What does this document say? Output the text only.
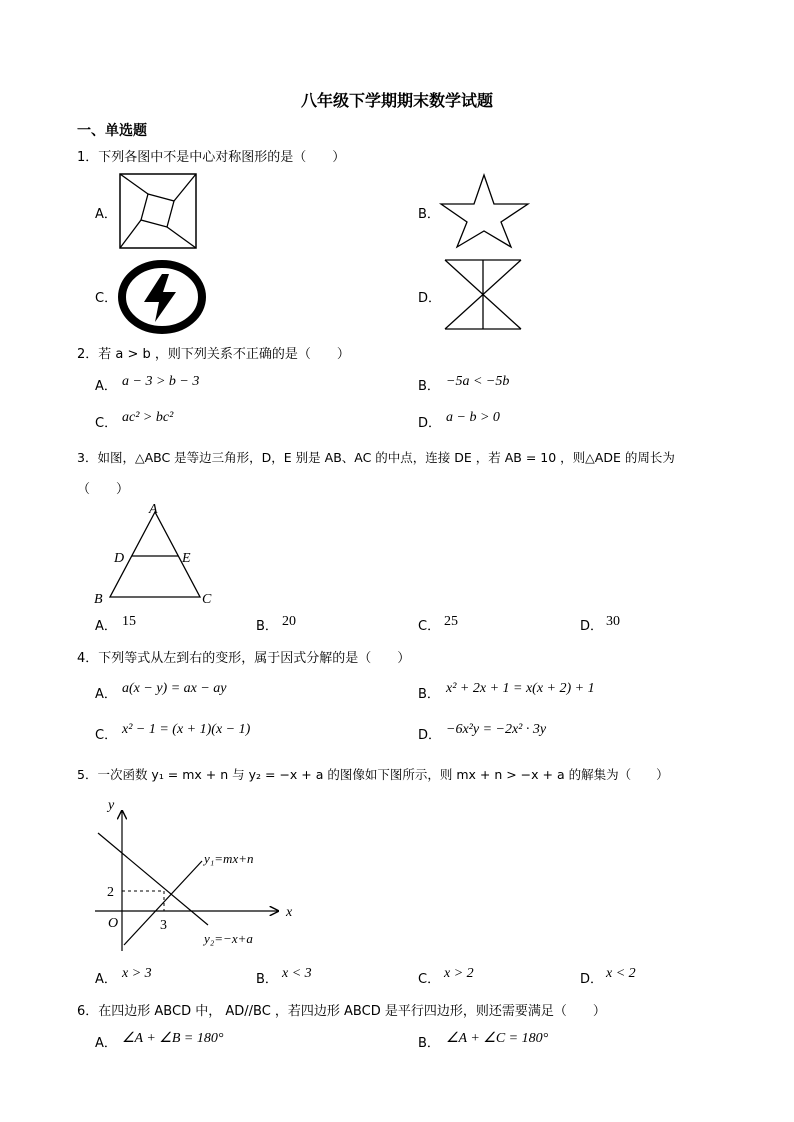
八年级下学期期末数学试题
一、单选题
1．下列各图中不是中心对称图形的是（　　）
A．	B．
C．	D．
2．若 a > b ，则下列关系不正确的是（　　）
A． a − 3 > b − 3	B． −5a < −5b
C． ac² > bc²	D． a − b > 0
3．如图，△ABC 是等边三角形，D，E 别是 AB、AC 的中点，连接 DE ，若 AB = 10 ，则△ADE 的周长为
（　　）
A
D	E
B	C
A． 15	B． 20	C． 25	D． 30
4．下列等式从左到右的变形，属于因式分解的是（　　）
A． a(x − y) = ax − ay	B． x² + 2x + 1 = x(x + 2) + 1
C． x² − 1 = (x + 1)(x − 1)	D． −6x²y = −2x² · 3y
5．一次函数 y₁ = mx + n 与 y₂ = −x + a 的图像如下图所示，则 mx + n > −x + a 的解集为（　　）
y
x
O
2
3
y₁=mx+n
y₂=−x+a
A． x > 3	B． x < 3	C． x > 2	D． x < 2
6．在四边形 ABCD 中， AD//BC ，若四边形 ABCD 是平行四边形，则还需要满足（　　）
A． ∠A + ∠B = 180°	B． ∠A + ∠C = 180°
